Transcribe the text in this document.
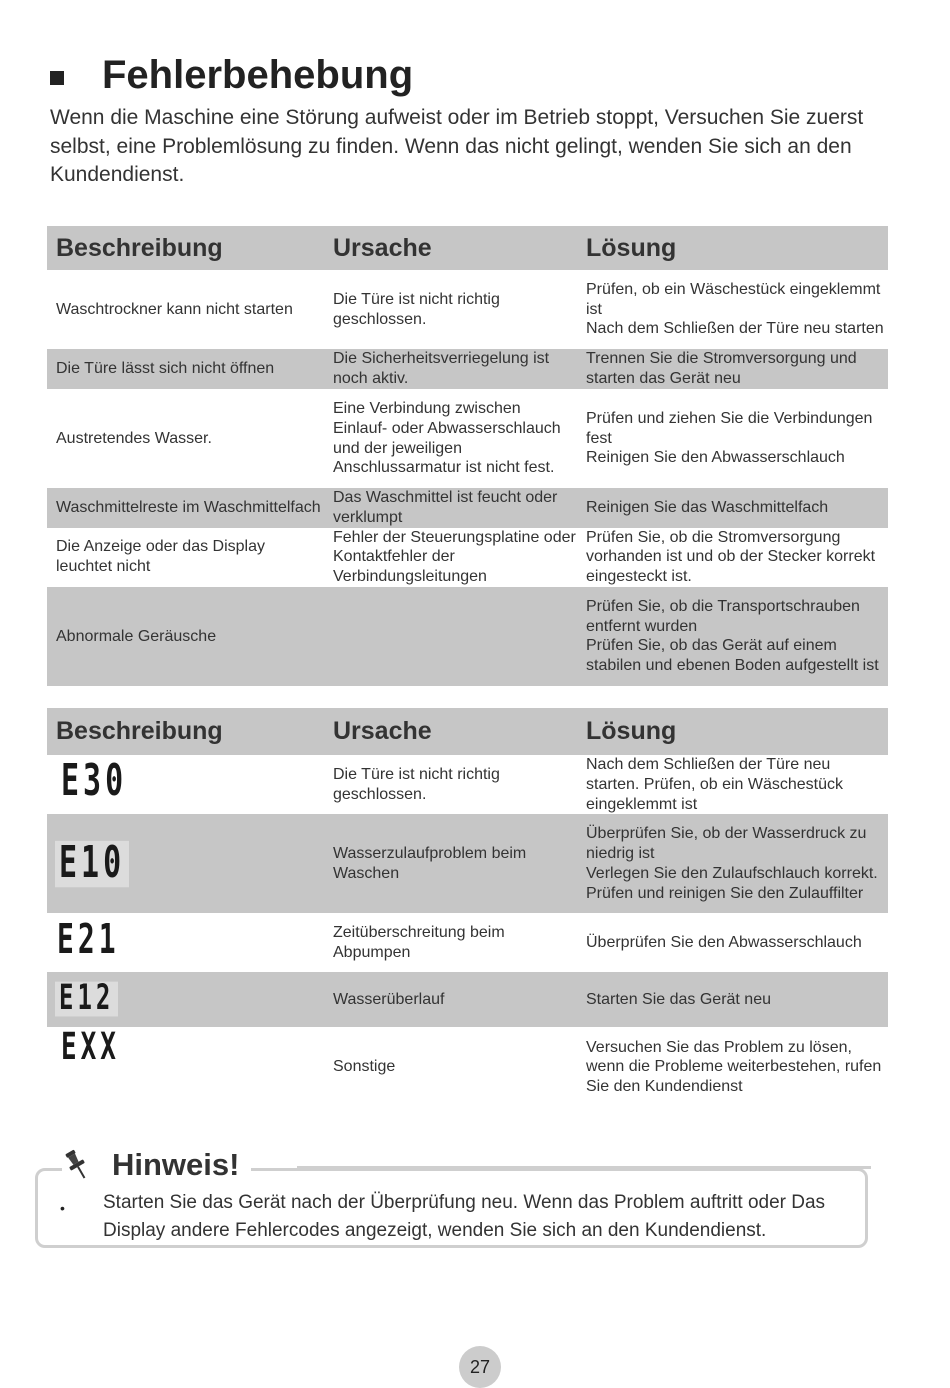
Fehlerbehebung
Wenn die Maschine eine Störung aufweist oder im Betrieb stoppt, Versuchen Sie zuerst selbst, eine Problemlösung zu finden. Wenn das nicht gelingt, wenden Sie sich an den Kundendienst.
Beschreibung	Ursache	Lösung
Waschtrockner kann nicht starten	Die Türe ist nicht richtig geschlossen.	Prüfen, ob ein Wäschestück eingeklemmt ist
Nach dem Schließen der Türe neu starten
Die Türe lässt sich nicht öffnen	Die Sicherheitsverriegelung ist noch aktiv.	Trennen Sie die Stromversorgung und starten das Gerät neu
Austretendes Wasser.	Eine Verbindung zwischen Einlauf- oder Abwasserschlauch und der jeweiligen Anschlussarmatur ist nicht fest.	Prüfen und ziehen Sie die Verbindungen fest
Reinigen Sie den Abwasserschlauch
Waschmittelreste im Waschmittelfach	Das Waschmittel ist feucht oder verklumpt	Reinigen Sie das Waschmittelfach
Die Anzeige oder das Display leuchtet nicht	Fehler der Steuerungsplatine oder Kontaktfehler der Verbindungsleitungen	Prüfen Sie, ob die Stromversorgung vorhanden ist und ob der Stecker korrekt eingesteckt ist.
Abnormale Geräusche		Prüfen Sie, ob die Transportschrauben entfernt wurden
Prüfen Sie, ob das Gerät auf einem stabilen und ebenen Boden aufgestellt ist
Beschreibung	Ursache	Lösung
E30	Die Türe ist nicht richtig geschlossen.	Nach dem Schließen der Türe neu starten. Prüfen, ob ein Wäschestück eingeklemmt ist
E10	Wasserzulaufproblem beim Waschen	Überprüfen Sie, ob der Wasserdruck zu niedrig ist
Verlegen Sie den Zulaufschlauch korrekt. Prüfen und reinigen Sie den Zulauffilter
E21	Zeitüberschreitung beim Abpumpen	Überprüfen Sie den Abwasserschlauch
E12	Wasserüberlauf	Starten Sie das Gerät neu
EXX	Sonstige	Versuchen Sie das Problem zu lösen, wenn die Probleme weiterbestehen, rufen Sie den Kundendienst
Hinweis!
• Starten Sie das Gerät nach der Überprüfung neu. Wenn das Problem auftritt oder Das Display andere Fehlercodes angezeigt, wenden Sie sich an den Kundendienst.
27
